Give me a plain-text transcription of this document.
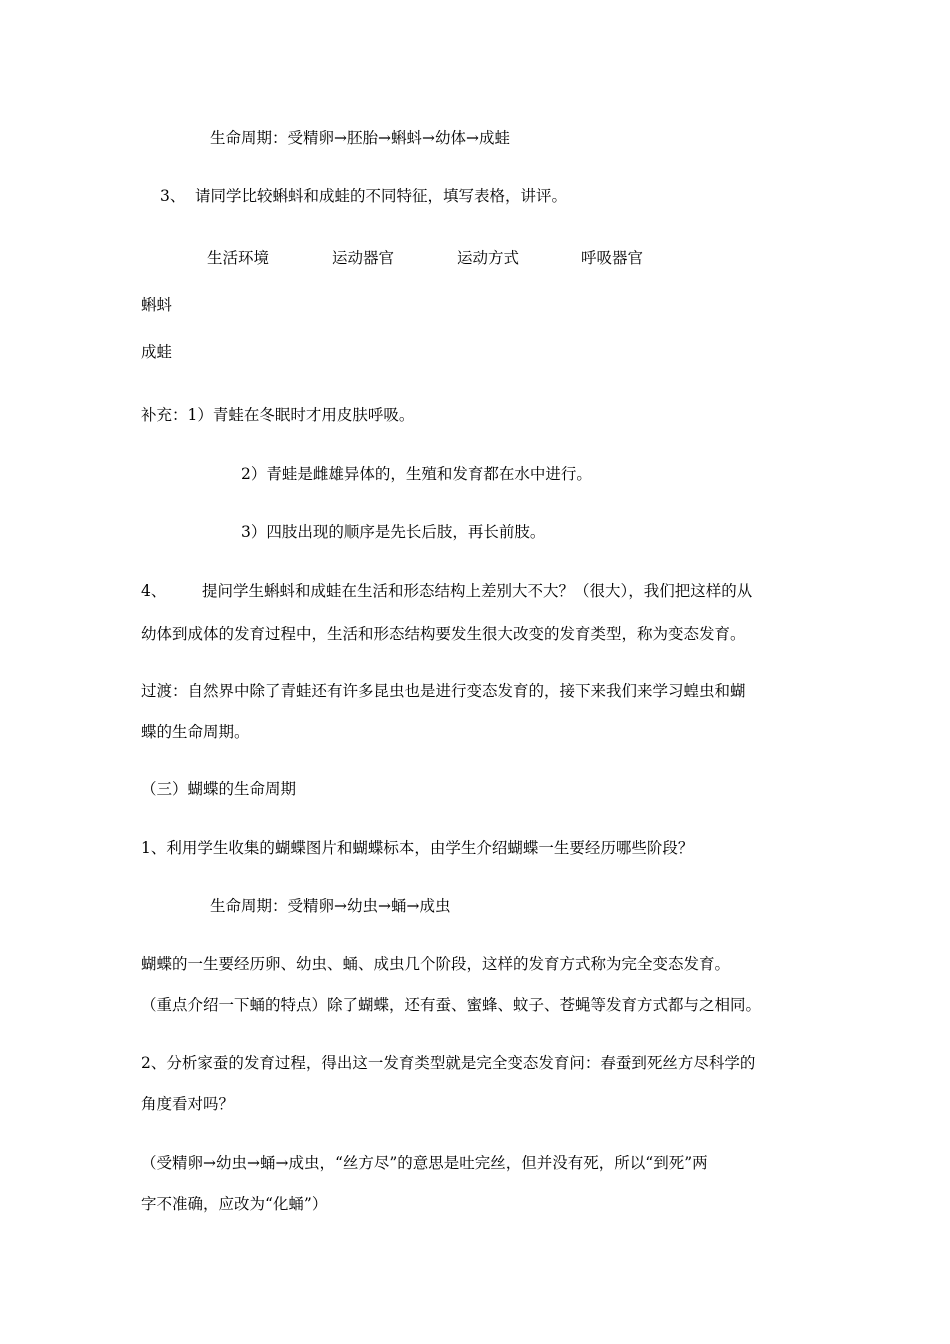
生命周期：受精卵→胚胎→蝌蚪→幼体→成蛙
3、 请同学比较蝌蚪和成蛙的不同特征，填写表格，讲评。
生活环境	运动器官	运动方式	呼吸器官
蝌蚪
成蛙
补充：1）青蛙在冬眠时才用皮肤呼吸。
2）青蛙是雌雄异体的，生殖和发育都在水中进行。
3）四肢出现的顺序是先长后肢，再长前肢。
4、 提问学生蝌蚪和成蛙在生活和形态结构上差别大不大？（很大），我们把这样的从
幼体到成体的发育过程中，生活和形态结构要发生很大改变的发育类型，称为变态发育。
过渡：自然界中除了青蛙还有许多昆虫也是进行变态发育的，接下来我们来学习蝗虫和蝴
蝶的生命周期。
（三）蝴蝶的生命周期
1、利用学生收集的蝴蝶图片和蝴蝶标本，由学生介绍蝴蝶一生要经历哪些阶段？
生命周期：受精卵→幼虫→蛹→成虫
蝴蝶的一生要经历卵、幼虫、蛹、成虫几个阶段，这样的发育方式称为完全变态发育。
（重点介绍一下蛹的特点）除了蝴蝶，还有蚕、蜜蜂、蚊子、苍蝇等发育方式都与之相同。
2、分析家蚕的发育过程，得出这一发育类型就是完全变态发育问：春蚕到死丝方尽科学的
角度看对吗？
（受精卵→幼虫→蛹→成虫，“丝方尽”的意思是吐完丝，但并没有死，所以“到死”两
字不准确，应改为“化蛹”）
